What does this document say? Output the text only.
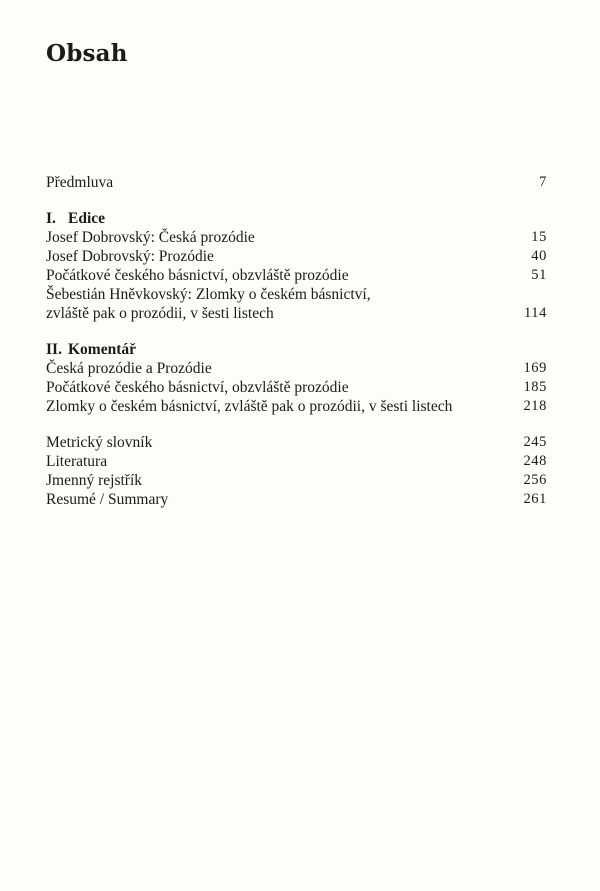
Obsah
Předmluva	7
I. Edice
Josef Dobrovský: Česká prozódie	15
Josef Dobrovský: Prozódie	40
Počátkové českého básnictví, obzvláště prozódie	51
Šebestián Hněvkovský: Zlomky o českém básnictví,
zvláště pak o prozódii, v šesti listech	114
II. Komentář
Česká prozódie a Prozódie	169
Počátkové českého básnictví, obzvláště prozódie	185
Zlomky o českém básnictví, zvláště pak o prozódii, v šesti listech	218
Metrický slovník	245
Literatura	248
Jmenný rejstřík	256
Resumé / Summary	261
